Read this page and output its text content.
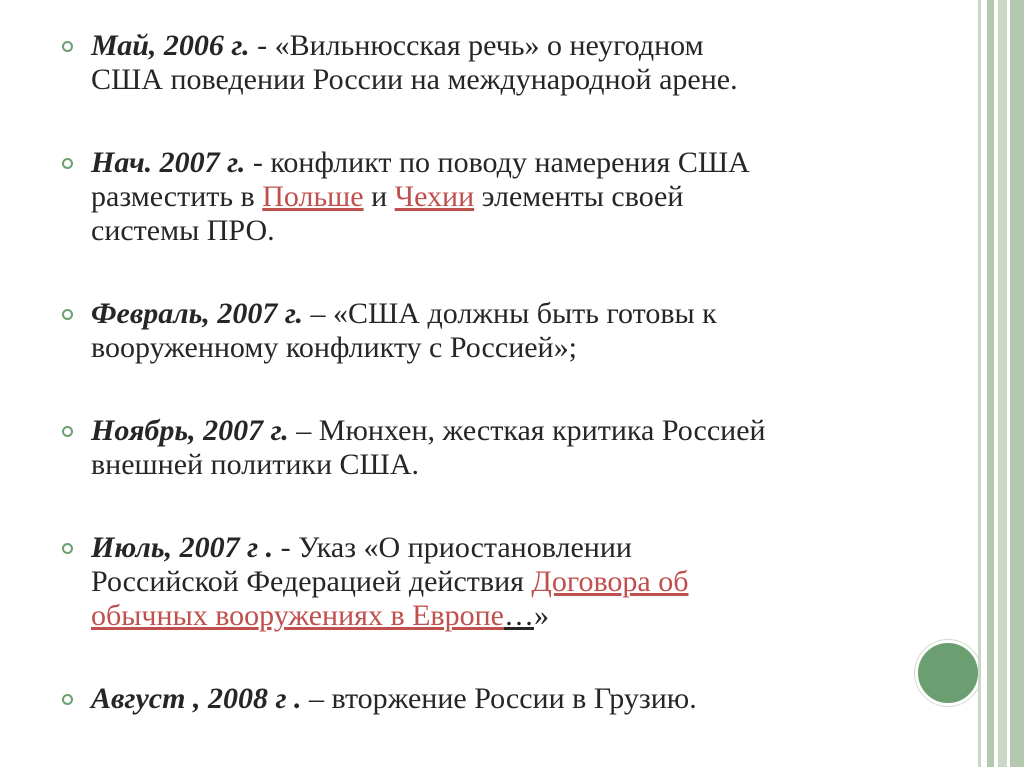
Май, 2006 г. - «Вильнюсская речь» о неугодном
США поведении России на международной арене.
Нач. 2007 г. - конфликт по поводу намерения США
разместить в Польше и Чехии элементы своей
системы ПРО.
Февраль, 2007 г. – «США должны быть готовы к
вооруженному конфликту с Россией»;
Ноябрь, 2007 г. – Мюнхен, жесткая критика Россией
внешней политики США.
Июль, 2007 г . - Указ «О приостановлении
Российской Федерацией действия Договора об
обычных вооружениях в Европе…»
Август , 2008 г . – вторжение России в Грузию.
